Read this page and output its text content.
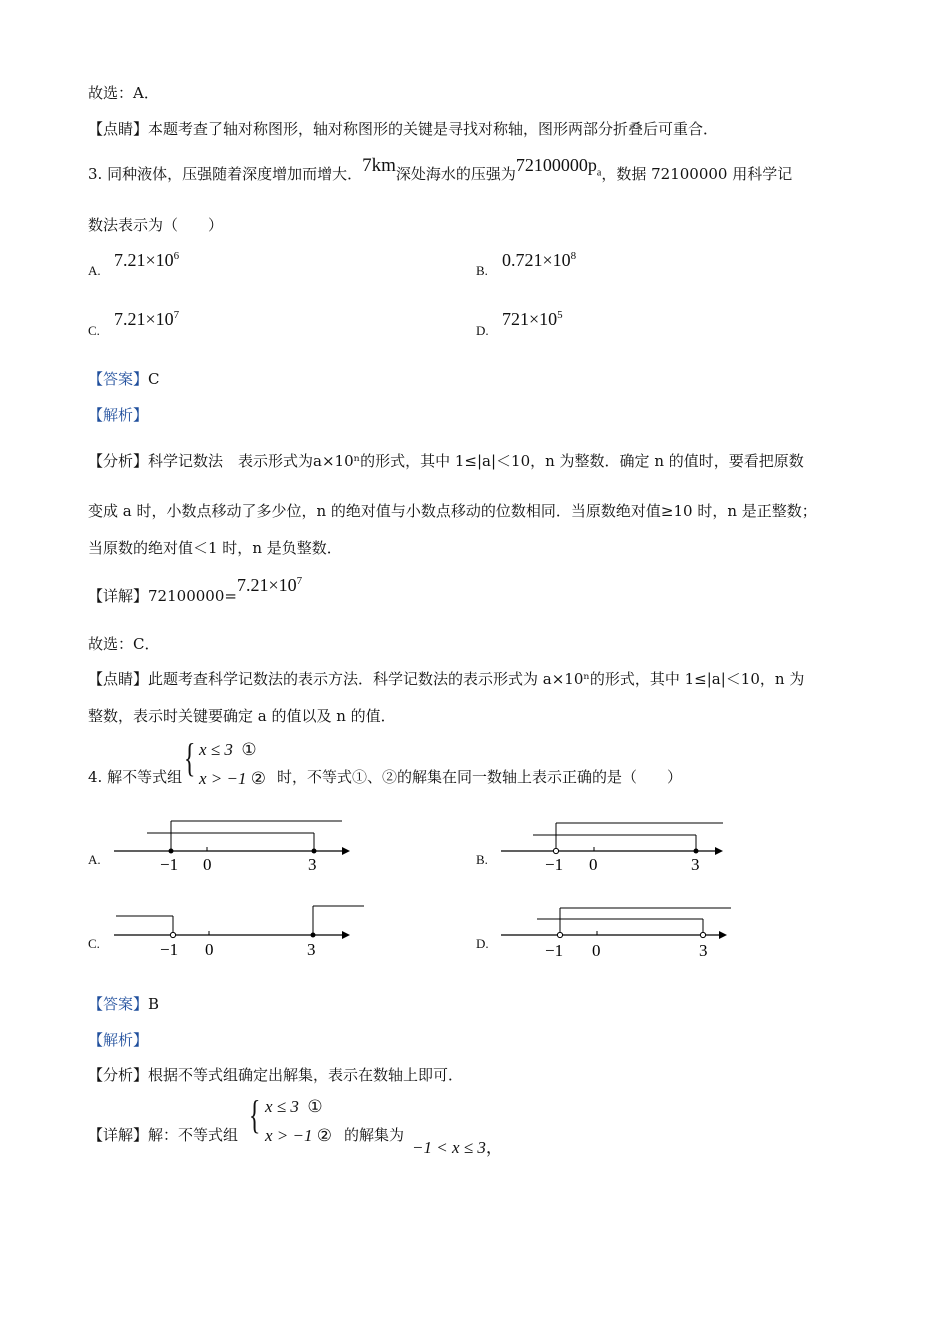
故选：A．
【点睛】本题考查了轴对称图形，轴对称图形的关键是寻找对称轴，图形两部分折叠后可重合．
3. 同种液体，压强随着深度增加而增大．7km深处海水的压强为$72100000p_a$，数据 72100000 用科学记
数法表示为（　　）
A.
$7.21\times 10^6$
B.
$0.721\times 10^8$
C.
$7.21\times 10^7$
D.
$721\times 10^5$
【答案】C
【解析】
【分析】科学记数法　表示形式为a×10ⁿ的形式，其中 1≤|a|＜10，n 为整数．确定 n 的值时，要看把原数
变成 a 时，小数点移动了多少位，n 的绝对值与小数点移动的位数相同．当原数绝对值≥10 时，n 是正整数；
当原数的绝对值＜1 时，n 是负整数．
【详解】$72100000=7.21\times 10^7$
故选：C．
【点睛】此题考查科学记数法的表示方法．科学记数法的表示形式为 a×10ⁿ的形式，其中 1≤|a|＜10，n 为
整数，表示时关键要确定 a 的值以及 n 的值．
4. 解不等式组 { x ≤ 3 ①
x > −1 ② 时，不等式①、②的解集在同一数轴上表示正确的是（　　）
A.	−1 0	3	B.	−1 0	3
C.	−1 0	3	D.	−1 0	3
【答案】B
【解析】
【分析】根据不等式组确定出解集，表示在数轴上即可．
【详解】解：不等式组 { x ≤ 3 ①
x > −1 ② 的解集为
−1 < x ≤ 3，
